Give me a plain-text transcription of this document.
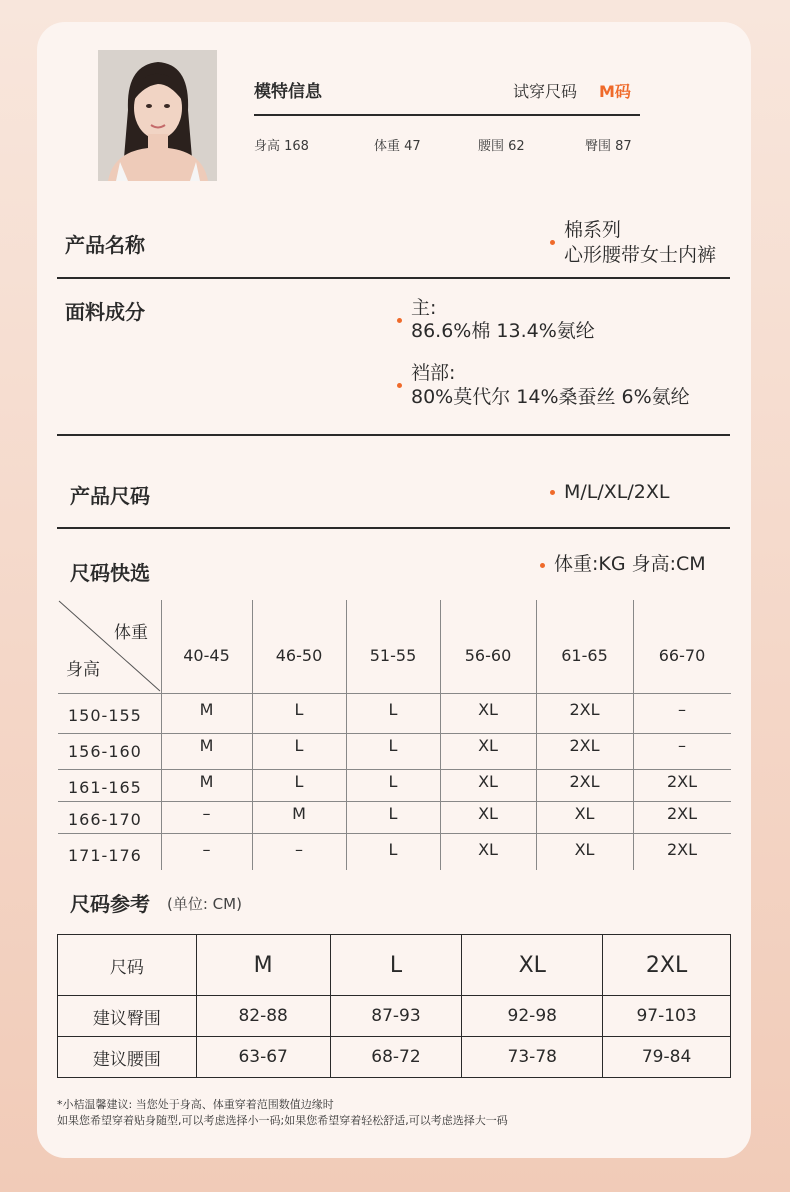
模特信息	试穿尺码 M码
身高 168	体重 47	腰围 62	臀围 87
产品名称
棉系列
心形腰带女士内裤
面料成分	主:
86.6%棉 13.4%氨纶
裆部:
80%莫代尔 14%桑蚕丝 6%氨纶
产品尺码	M/L/XL/2XL
尺码快选	体重:KG 身高:CM
体重
身高
40-45	46-50	51-55	56-60	61-65	66-70
150-155	M	L	L	XL	2XL	–
156-160	M	L	L	XL	2XL	–
161-165	M	L	L	XL	2XL	2XL
166-170	–	M	L	XL	XL	2XL
171-176	–	–	L	XL	XL	2XL
尺码参考 (单位: CM)
尺码	M	L	XL	2XL
建议臀围	82-88	87-93	92-98	97-103
建议腰围	63-67	68-72	73-78	79-84
*小桔温馨建议: 当您处于身高、体重穿着范围数值边缘时
如果您希望穿着贴身随型,可以考虑选择小一码;如果您希望穿着轻松舒适,可以考虑选择大一码
